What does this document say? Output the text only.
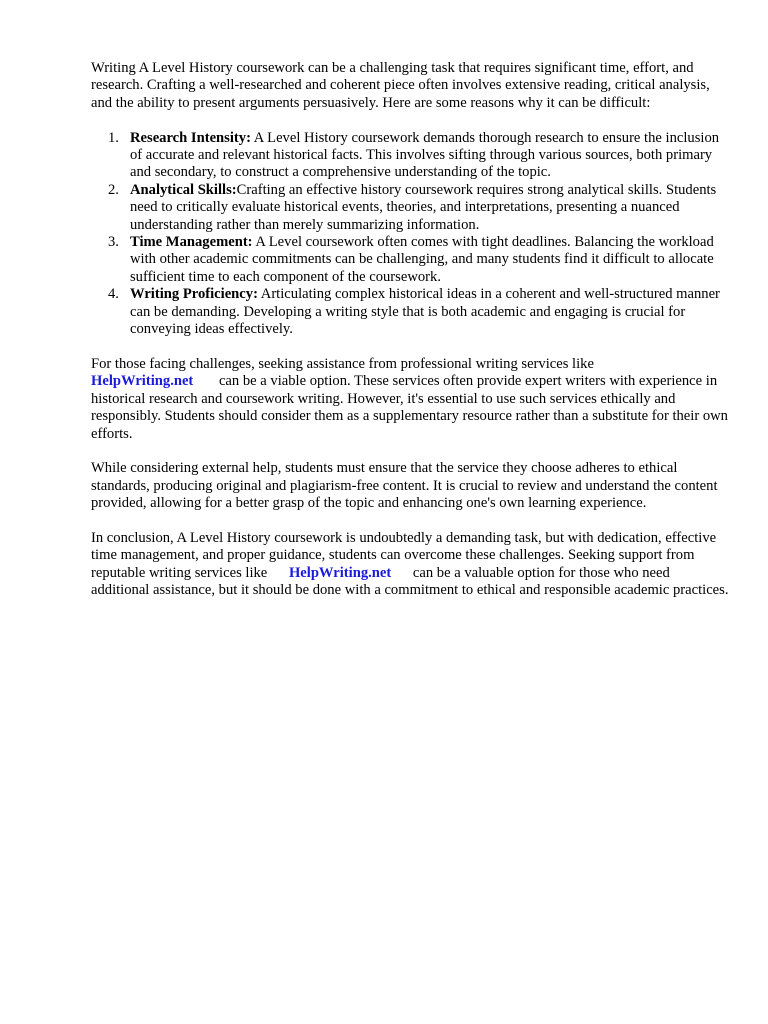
Writing A Level History coursework can be a challenging task that requires significant time, effort, and research. Crafting a well-researched and coherent piece often involves extensive reading, critical analysis, and the ability to present arguments persuasively. Here are some reasons why it can be difficult:

1. Research Intensity: A Level History coursework demands thorough research to ensure the inclusion of accurate and relevant historical facts. This involves sifting through various sources, both primary and secondary, to construct a comprehensive understanding of the topic.
2. Analytical Skills:Crafting an effective history coursework requires strong analytical skills. Students need to critically evaluate historical events, theories, and interpretations, presenting a nuanced understanding rather than merely summarizing information.
3. Time Management: A Level coursework often comes with tight deadlines. Balancing the workload with other academic commitments can be challenging, and many students find it difficult to allocate sufficient time to each component of the coursework.
4. Writing Proficiency: Articulating complex historical ideas in a coherent and well-structured manner can be demanding. Developing a writing style that is both academic and engaging is crucial for conveying ideas effectively.

For those facing challenges, seeking assistance from professional writing services like
HelpWriting.net can be a viable option. These services often provide expert writers with experience in historical research and coursework writing. However, it's essential to use such services ethically and responsibly. Students should consider them as a supplementary resource rather than a substitute for their own efforts.

While considering external help, students must ensure that the service they choose adheres to ethical standards, producing original and plagiarism-free content. It is crucial to review and understand the content provided, allowing for a better grasp of the topic and enhancing one's own learning experience.

In conclusion, A Level History coursework is undoubtedly a demanding task, but with dedication, effective time management, and proper guidance, students can overcome these challenges. Seeking support from reputable writing services like HelpWriting.net can be a valuable option for those who need additional assistance, but it should be done with a commitment to ethical and responsible academic practices.
